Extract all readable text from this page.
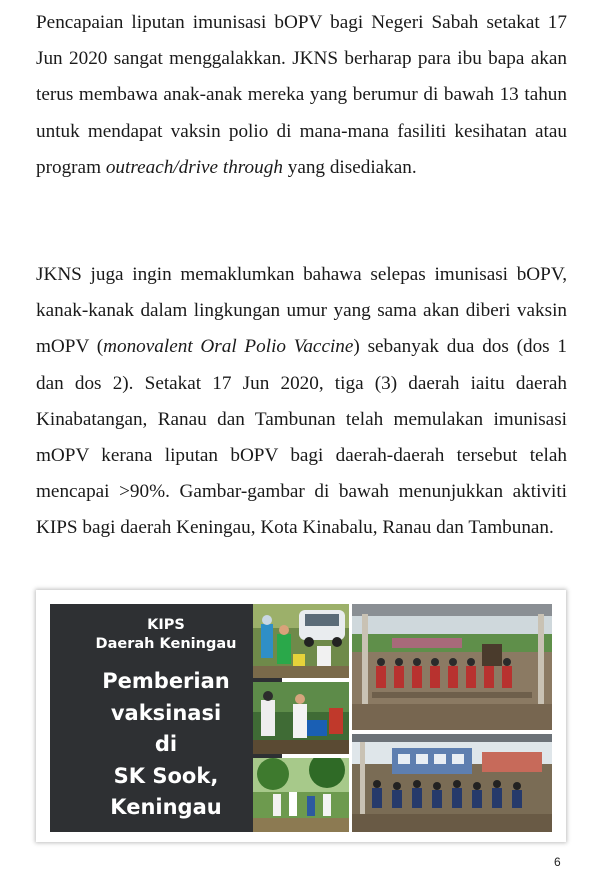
Pencapaian liputan imunisasi bOPV bagi Negeri Sabah setakat 17 Jun 2020 sangat menggalakkan. JKNS berharap para ibu bapa akan terus membawa anak-anak mereka yang berumur di bawah 13 tahun untuk mendapat vaksin polio di mana-mana fasiliti kesihatan atau program outreach/drive through yang disediakan.

JKNS juga ingin memaklumkan bahawa selepas imunisasi bOPV, kanak-kanak dalam lingkungan umur yang sama akan diberi vaksin mOPV (monovalent Oral Polio Vaccine) sebanyak dua dos (dos 1 dan dos 2). Setakat 17 Jun 2020, tiga (3) daerah iaitu daerah Kinabatangan, Ranau dan Tambunan telah memulakan imunisasi mOPV kerana liputan bOPV bagi daerah-daerah tersebut telah mencapai >90%. Gambar-gambar di bawah menunjukkan aktiviti KIPS bagi daerah Keningau, Kota Kinabalu, Ranau dan Tambunan.

KIPS
Daerah Keningau
Pemberian
vaksinasi
di
SK Sook,
Keningau
6
